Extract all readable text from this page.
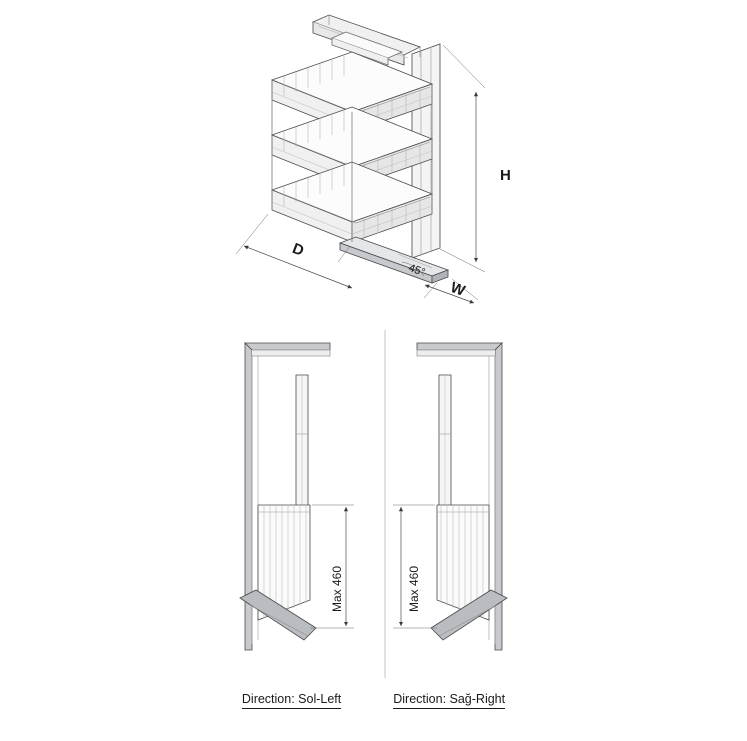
H
D
W
45°
Max 460	Max 460
Direction: Sol-Left	Direction: Sağ-Right
